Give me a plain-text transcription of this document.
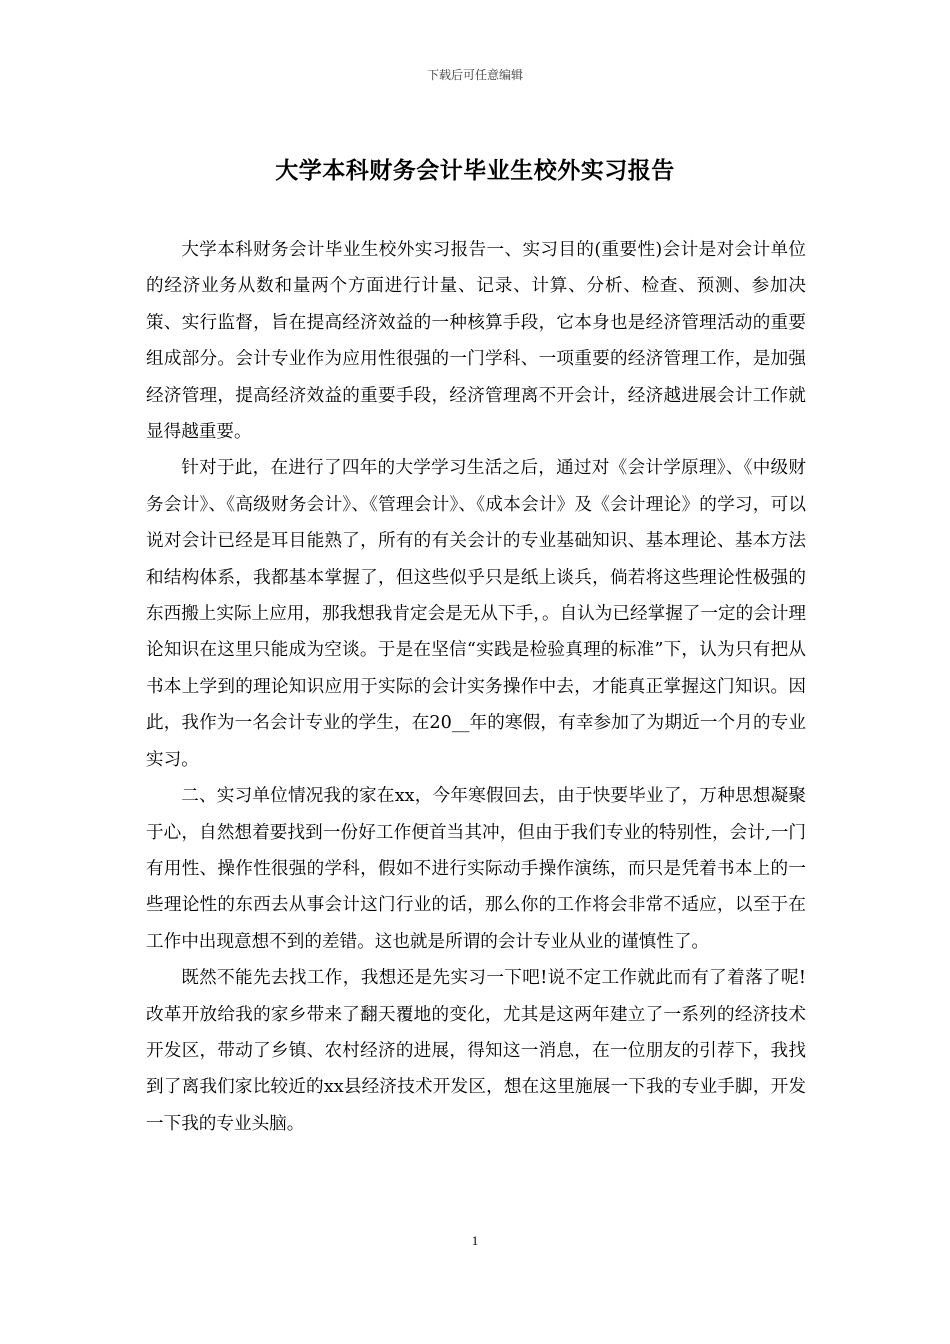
下载后可任意编辑
大学本科财务会计毕业生校外实习报告

大学本科财务会计毕业生校外实习报告一、实习目的(重要性)会计是对会计单位的经济业务从数和量两个方面进行计量、记录、计算、分析、检查、预测、参加决策、实行监督，旨在提高经济效益的一种核算手段，它本身也是经济管理活动的重要组成部分。会计专业作为应用性很强的一门学科、一项重要的经济管理工作，是加强经济管理，提高经济效益的重要手段，经济管理离不开会计，经济越进展会计工作就显得越重要。

针对于此，在进行了四年的大学学习生活之后，通过对《会计学原理》、《中级财务会计》、《高级财务会计》、《管理会计》、《成本会计》及《会计理论》的学习，可以说对会计已经是耳目能熟了，所有的有关会计的专业基础知识、基本理论、基本方法和结构体系，我都基本掌握了，但这些似乎只是纸上谈兵，倘若将这些理论性极强的东西搬上实际上应用，那我想我肯定会是无从下手，。自认为已经掌握了一定的会计理论知识在这里只能成为空谈。于是在坚信“实践是检验真理的标准”下，认为只有把从书本上学到的理论知识应用于实际的会计实务操作中去，才能真正掌握这门知识。因此，我作为一名会计专业的学生，在20__年的寒假，有幸参加了为期近一个月的专业实习。

二、实习单位情况我的家在xx，今年寒假回去，由于快要毕业了，万种思想凝聚于心，自然想着要找到一份好工作便首当其冲，但由于我们专业的特别性，会计,一门有用性、操作性很强的学科，假如不进行实际动手操作演练，而只是凭着书本上的一些理论性的东西去从事会计这门行业的话，那么你的工作将会非常不适应，以至于在工作中出现意想不到的差错。这也就是所谓的会计专业从业的谨慎性了。

既然不能先去找工作，我想还是先实习一下吧!说不定工作就此而有了着落了呢!改革开放给我的家乡带来了翻天覆地的变化，尤其是这两年建立了一系列的经济技术开发区，带动了乡镇、农村经济的进展，得知这一消息，在一位朋友的引荐下，我找到了离我们家比较近的xx县经济技术开发区，想在这里施展一下我的专业手脚，开发一下我的专业头脑。

1
